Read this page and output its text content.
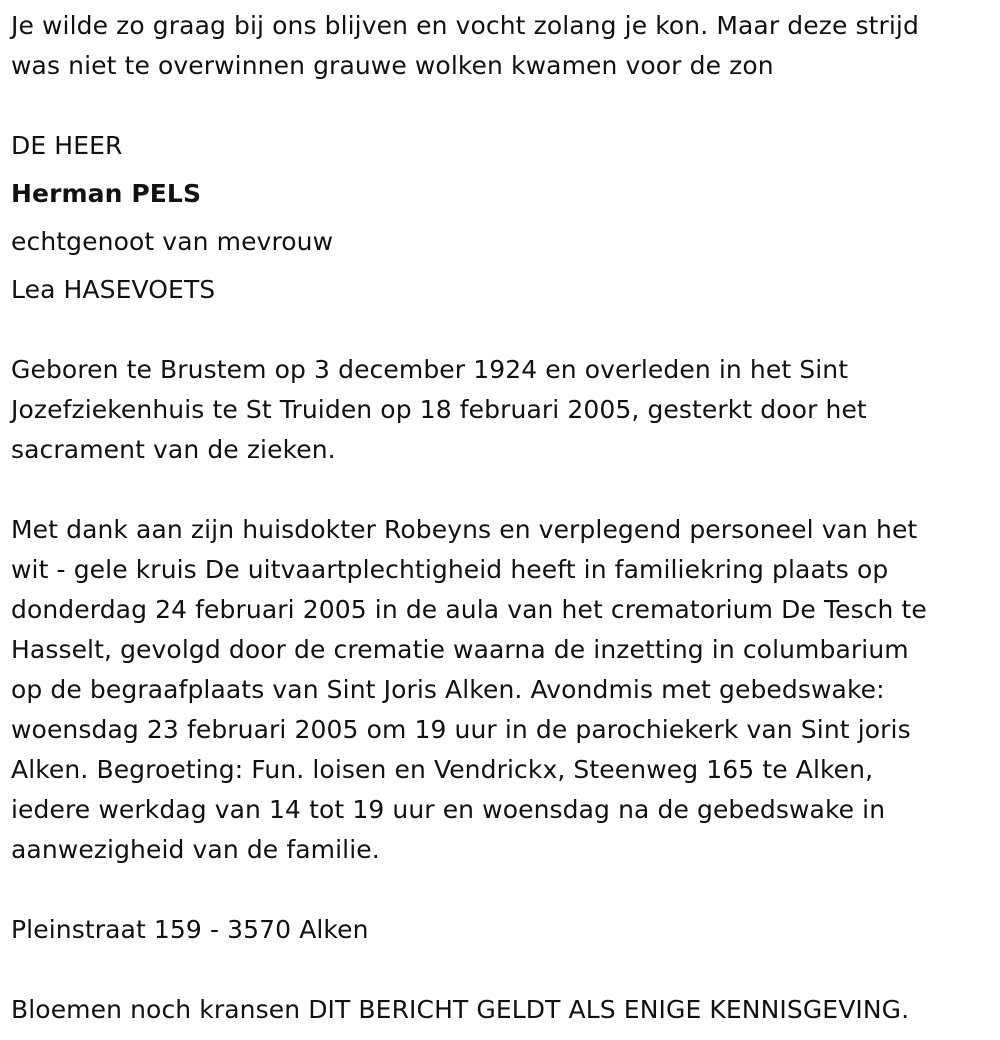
Je wilde zo graag bij ons blijven en vocht zolang je kon. Maar deze strijd
was niet te overwinnen grauwe wolken kwamen voor de zon
DE HEER
Herman PELS
echtgenoot van mevrouw
Lea HASEVOETS
Geboren te Brustem op 3 december 1924 en overleden in het Sint
Jozefziekenhuis te St Truiden op 18 februari 2005, gesterkt door het
sacrament van de zieken.
Met dank aan zijn huisdokter Robeyns en verplegend personeel van het
wit - gele kruis De uitvaartplechtigheid heeft in familiekring plaats op
donderdag 24 februari 2005 in de aula van het crematorium De Tesch te
Hasselt, gevolgd door de crematie waarna de inzetting in columbarium
op de begraafplaats van Sint Joris Alken. Avondmis met gebedswake:
woensdag 23 februari 2005 om 19 uur in de parochiekerk van Sint joris
Alken. Begroeting: Fun. loisen en Vendrickx, Steenweg 165 te Alken,
iedere werkdag van 14 tot 19 uur en woensdag na de gebedswake in
aanwezigheid van de familie.
Pleinstraat 159 - 3570 Alken
Bloemen noch kransen DIT BERICHT GELDT ALS ENIGE KENNISGEVING.
